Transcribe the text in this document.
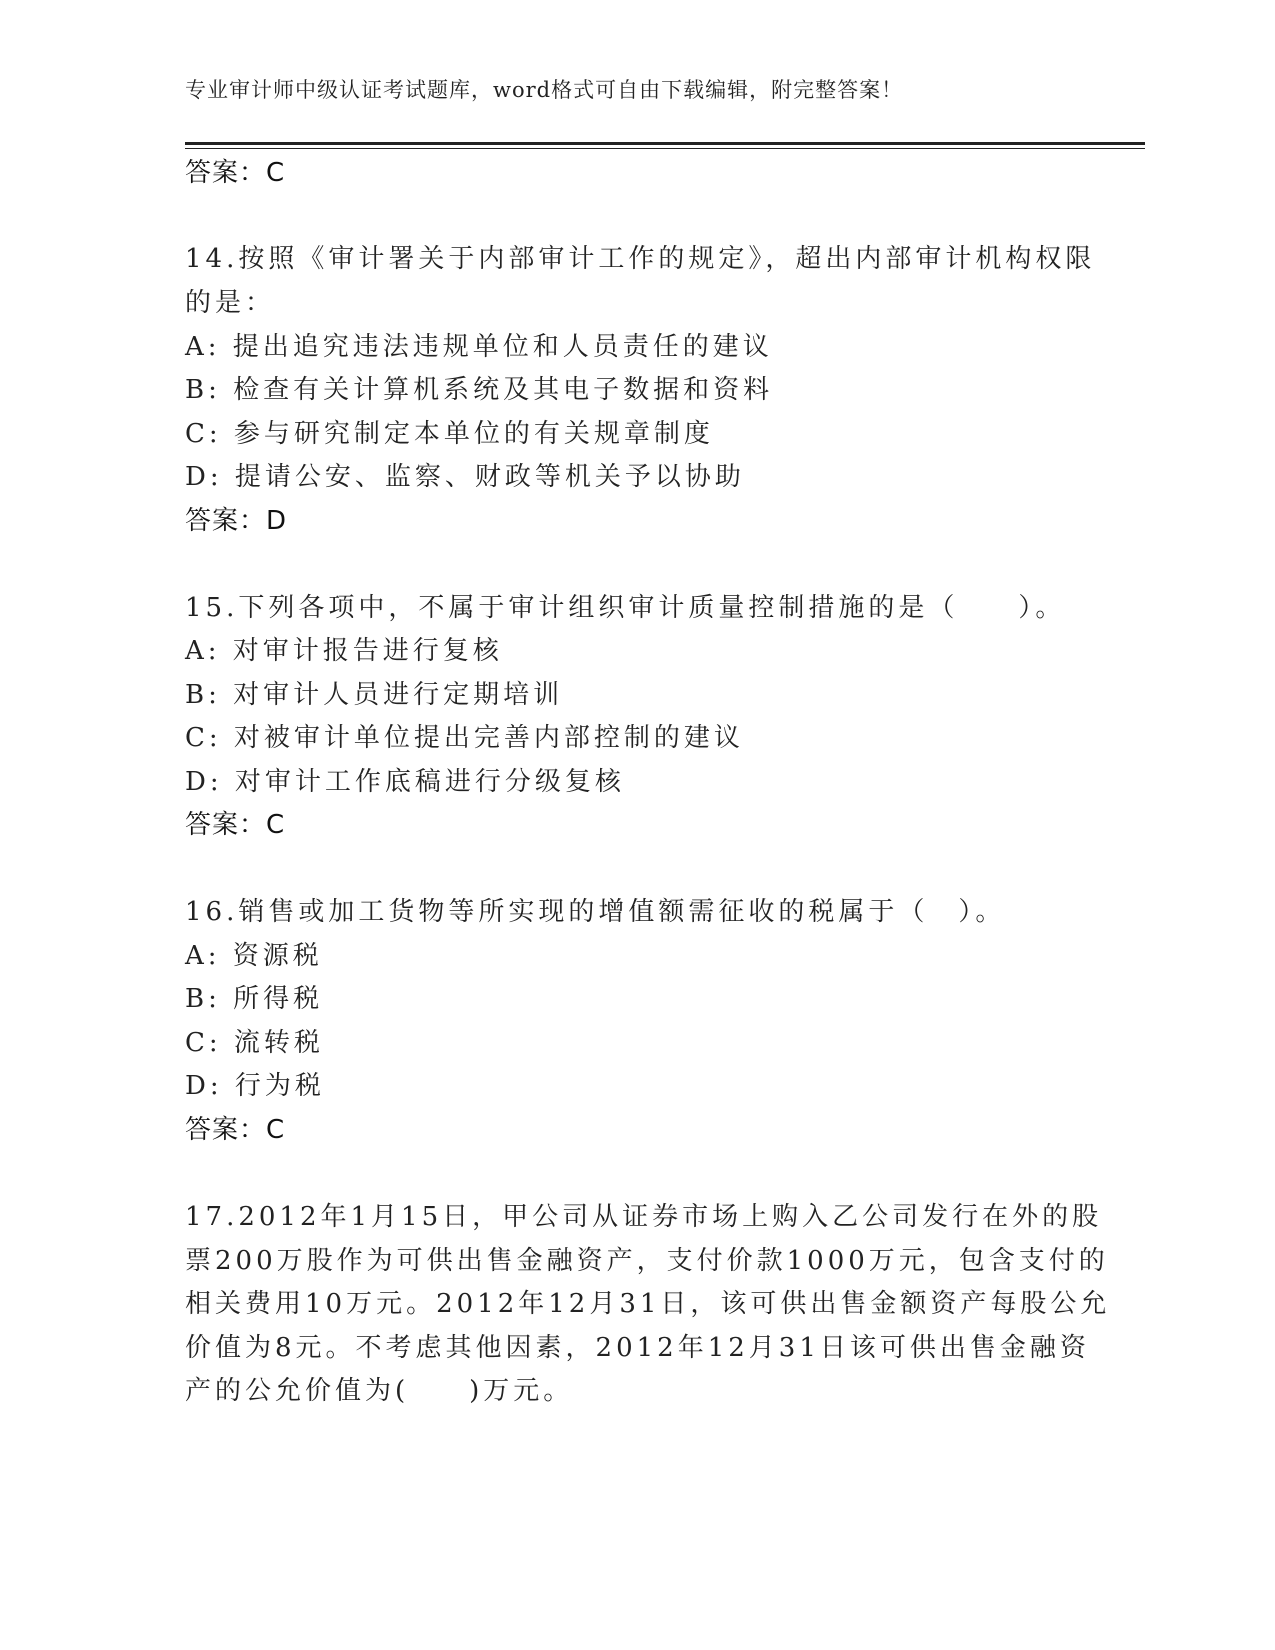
专业审计师中级认证考试题库，word格式可自由下载编辑，附完整答案！
答案：C
14.按照《审计署关于内部审计工作的规定》，超出内部审计机构权限
的是：
A: 提出追究违法违规单位和人员责任的建议
B: 检查有关计算机系统及其电子数据和资料
C: 参与研究制定本单位的有关规章制度
D: 提请公安、监察、财政等机关予以协助
答案：D
15.下列各项中，不属于审计组织审计质量控制措施的是（　　）。
A: 对审计报告进行复核
B: 对审计人员进行定期培训
C: 对被审计单位提出完善内部控制的建议
D: 对审计工作底稿进行分级复核
答案：C
16.销售或加工货物等所实现的增值额需征收的税属于（　）。
A: 资源税
B: 所得税
C: 流转税
D: 行为税
答案：C
17.2012年1月15日，甲公司从证券市场上购入乙公司发行在外的股
票200万股作为可供出售金融资产，支付价款1000万元，包含支付的
相关费用10万元。2012年12月31日，该可供出售金额资产每股公允
价值为8元。不考虑其他因素，2012年12月31日该可供出售金融资
产的公允价值为(　　)万元。
